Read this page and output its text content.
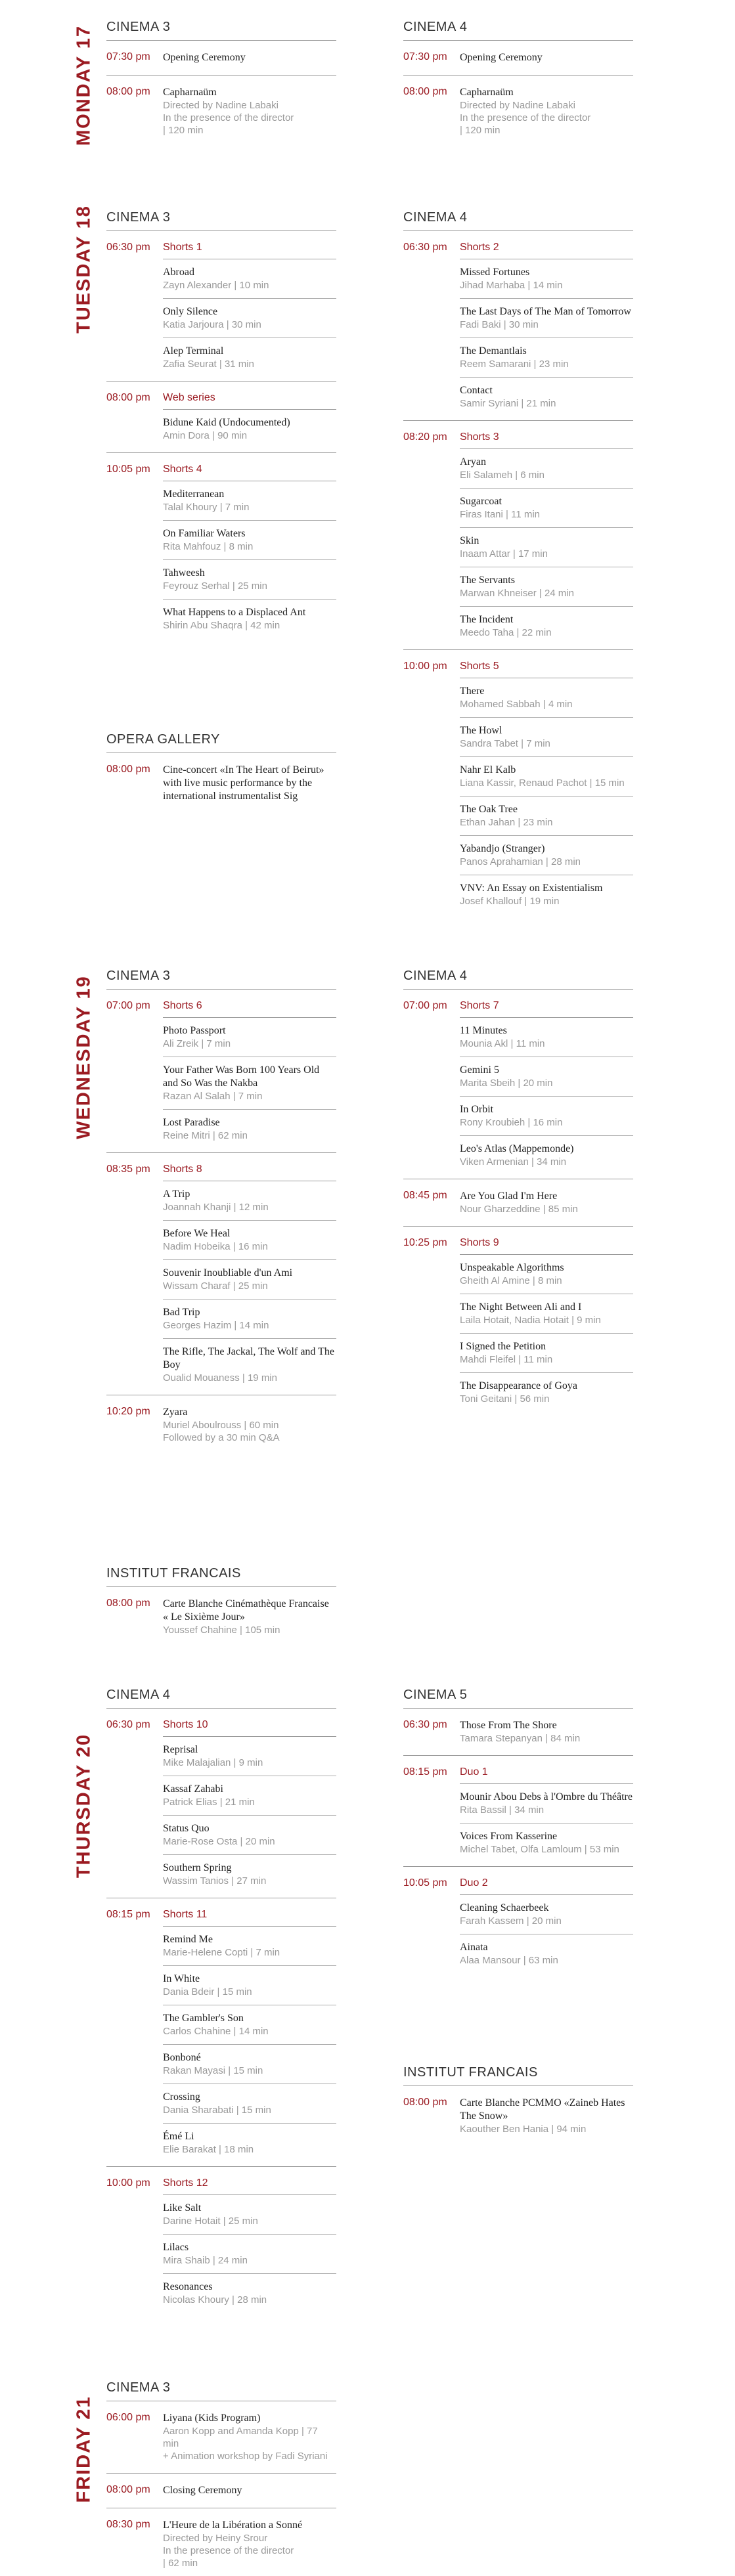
MONDAY 17 CINEMA 3
07:30 pm	Opening Ceremony
08:00 pm	Capharnaüm
Directed by Nadine Labaki
In the presence of the director
| 120 min
CINEMA 4
07:30 pm	Opening Ceremony
08:00 pm	Capharnaüm
Directed by Nadine Labaki
In the presence of the director
| 120 min
TUESDAY 18 CINEMA 3
06:30 pm	Shorts 1
Abroad
Zayn Alexander | 10 min
Only Silence
Katia Jarjoura | 30 min
Alep Terminal
Zafia Seurat | 31 min
08:00 pm	Web series
Bidune Kaid (Undocumented)
Amin Dora | 90 min
10:05 pm	Shorts 4
Mediterranean
Talal Khoury | 7 min
On Familiar Waters
Rita Mahfouz | 8 min
Tahweesh
Feyrouz Serhal | 25 min
What Happens to a Displaced Ant
Shirin Abu Shaqra | 42 min
OPERA GALLERY
08:00 pm	Cine-concert «In The Heart of Beirut» with live music performance by the international instrumentalist Sig
CINEMA 4
06:30 pm	Shorts 2
Missed Fortunes
Jihad Marhaba | 14 min
The Last Days of The Man of Tomorrow
Fadi Baki | 30 min
The Demantlais
Reem Samarani | 23 min
Contact
Samir Syriani | 21 min
08:20 pm	Shorts 3
Aryan
Eli Salameh | 6 min
Sugarcoat
Firas Itani | 11 min
Skin
Inaam Attar | 17 min
The Servants
Marwan Khneiser | 24 min
The Incident
Meedo Taha | 22 min
10:00 pm	Shorts 5
There
Mohamed Sabbah | 4 min
The Howl
Sandra Tabet | 7 min
Nahr El Kalb
Liana Kassir, Renaud Pachot | 15 min
The Oak Tree
Ethan Jahan | 23 min
Yabandjo (Stranger)
Panos Aprahamian | 28 min
VNV: An Essay on Existentialism
Josef Khallouf | 19 min
WEDNESDAY 19 CINEMA 3
07:00 pm	Shorts 6
Photo Passport
Ali Zreik | 7 min
Your Father Was Born 100 Years Old and So Was the Nakba
Razan Al Salah | 7 min
Lost Paradise
Reine Mitri | 62 min
08:35 pm	Shorts 8
A Trip
Joannah Khanji | 12 min
Before We Heal
Nadim Hobeika | 16 min
Souvenir Inoubliable d'un Ami
Wissam Charaf | 25 min
Bad Trip
Georges Hazim | 14 min
The Rifle, The Jackal, The Wolf and The Boy
Oualid Mouaness | 19 min
10:20 pm	Zyara
Muriel Aboulrouss | 60 min
Followed by a 30 min Q&A
INSTITUT FRANCAIS
08:00 pm	Carte Blanche Cinémathèque Francaise « Le Sixième Jour»
Youssef Chahine | 105 min
CINEMA 4
07:00 pm	Shorts 7
11 Minutes
Mounia Akl | 11 min
Gemini 5
Marita Sbeih | 20 min
In Orbit
Rony Kroubieh | 16 min
Leo's Atlas (Mappemonde)
Viken Armenian | 34 min
08:45 pm	Are You Glad I'm Here
Nour Gharzeddine | 85 min
10:25 pm	Shorts 9
Unspeakable Algorithms
Gheith Al Amine | 8 min
The Night Between Ali and I
Laila Hotait, Nadia Hotait | 9 min
I Signed the Petition
Mahdi Fleifel | 11 min
The Disappearance of Goya
Toni Geitani | 56 min
THURSDAY 20
CINEMA 4
06:30 pm	Shorts 10
Reprisal
Mike Malajalian | 9 min
Kassaf Zahabi
Patrick Elias | 21 min
Status Quo
Marie-Rose Osta | 20 min
Southern Spring
Wassim Tanios | 27 min
08:15 pm	Shorts 11
Remind Me
Marie-Helene Copti | 7 min
In White
Dania Bdeir | 15 min
The Gambler's Son
Carlos Chahine | 14 min
Bonboné
Rakan Mayasi | 15 min
Crossing
Dania Sharabati | 15 min
Émé Li
Elie Barakat | 18 min
10:00 pm	Shorts 12
Like Salt
Darine Hotait | 25 min
Lilacs
Mira Shaib | 24 min
Resonances
Nicolas Khoury | 28 min
CINEMA 5
06:30 pm	Those From The Shore
Tamara Stepanyan | 84 min
08:15 pm	Duo 1
Mounir Abou Debs à l'Ombre du Théâtre
Rita Bassil | 34 min
Voices From Kasserine
Michel Tabet, Olfa Lamloum | 53 min
10:05 pm	Duo 2
Cleaning Schaerbeek
Farah Kassem | 20 min
Ainata
Alaa Mansour | 63 min
INSTITUT FRANCAIS
08:00 pm	Carte Blanche PCMMO «Zaineb Hates The Snow»
Kaouther Ben Hania | 94 min
FRIDAY 21
CINEMA 3
06:00 pm	Liyana (Kids Program)
Aaron Kopp and Amanda Kopp | 77 min
+ Animation workshop by Fadi Syriani
08:00 pm	Closing Ceremony
08:30 pm	L'Heure de la Libération a Sonné
Directed by Heiny Srour
In the presence of the director
| 62 min
